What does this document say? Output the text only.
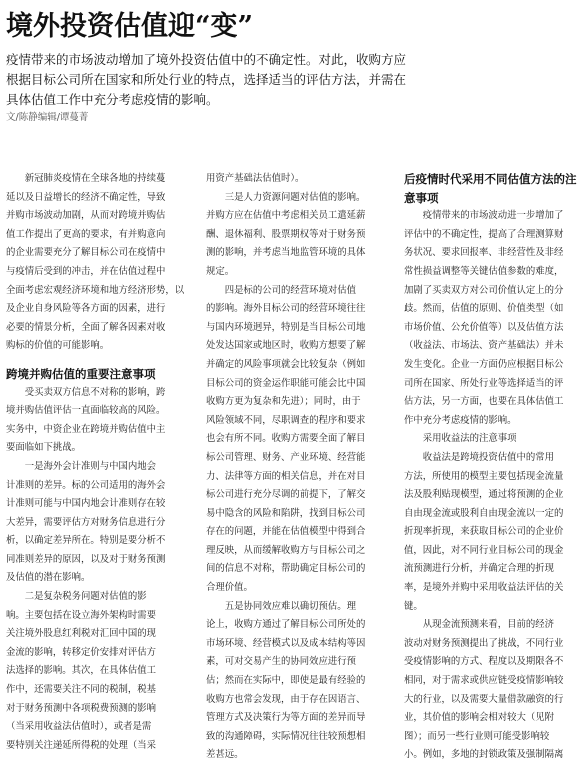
境外投资估值迎“变”
疫情带来的市场波动增加了境外投资估值中的不确定性。对此，收购方应
根据目标公司所在国家和所处行业的特点，选择适当的评估方法，并需在
具体估值工作中充分考虑疫情的影响。
文/陈静编辑/谭蔓菁
　　新冠肺炎疫情在全球各地的持续蔓
延以及日益增长的经济不确定性，导致
并购市场波动加剧，从而对跨境并购估
值工作提出了更高的要求，有并购意向
的企业需要充分了解目标公司在疫情中
与疫情后受到的冲击，并在估值过程中
全面考虑宏观经济环境和地方经济形势，以
及企业自身风险等各方面的因素，进行
必要的情景分析，全面了解各因素对收
购标的价值的可能影响。
跨境并购估值的重要注意事项
　　受买卖双方信息不对称的影响，跨
境并购估值评估一直面临较高的风险。
实务中，中资企业在跨境并购估值中主
要面临如下挑战。
　　一是海外会计准则与中国内地会
计准则的差异。标的公司适用的海外会
计准则可能与中国内地会计准则存在较
大差异，需要评估方对财务信息进行分
析，以确定差异所在。特别是要分析不
同准则差异的原因，以及对于财务预测
及估值的潜在影响。
　　二是复杂税务问题对估值的影
响。主要包括在设立海外架构时需要
关注境外股息红利税对汇回中国的现
金流的影响，转移定价安排对评估方
法选择的影响。其次，在具体估值工
作中，还需要关注不同的税制，税基
对于财务预测中各项税费预测的影响
（当采用收益法估值时），或者是需
要特别关注递延所得税的处理（当采
用资产基础法估值时）。
　　三是人力资源问题对估值的影响。
并购方应在估值中考虑相关员工遣延薪
酬、退休福利、股票期权等对于财务预
测的影响，并考虑当地监管环境的具体
规定。
　　四是标的公司的经营环境对估值
的影响。海外目标公司的经营环境往往
与国内环境迥异，特别是当目标公司地
处发达国家或地区时，收购方想要了解
并确定的风险事项就会比较复杂（例如
目标公司的资金运作职能可能会比中国
收购方更为复杂和先进）；同时，由于
风险领域不同，尽职调查的程序和要求
也会有所不同。收购方需要全面了解目
标公司管理、财务、产业环境、经营能
力、法律等方面的相关信息，并在对目
标公司进行充分尽调的前提下，了解交
易中隐含的风险和陷阱，找到目标公司
存在的问题，并能在估值模型中得到合
理反映，从而缓解收购方与目标公司之
间的信息不对称，帮助确定目标公司的
合理价值。
　　五是协同效应难以确切预估。理
论上，收购方通过了解目标公司所处的
市场环境、经营模式以及成本结构等因
素，可对交易产生的协同效应进行预
估；然而在实际中，即使是最有经验的
收购方也常会发现，由于存在因语言、
管理方式及决策行为等方面的差异而导
致的沟通障碍，实际情况往往较预想相
差甚远。
后疫情时代采用不同估值方法的注
意事项
　　疫情带来的市场波动进一步增加了
评估中的不确定性，提高了合理测算财
务状况、要求回报率、非经营性及非经
常性损益调整等关键估值参数的难度，
加剧了买卖双方对公司价值认定上的分
歧。然而，估值的原则、价值类型（如
市场价值、公允价值等）以及估值方法
（收益法、市场法、资产基础法）并未
发生变化。企业一方面仍应根据目标公
司所在国家、所处行业等选择适当的评
估方法，另一方面，也要在具体估值工
作中充分考虑疫情的影响。
　　采用收益法的注意事项
　　收益法是跨境投资估值中的常用
方法，所使用的模型主要包括现金流量
法及股利贴现模型，通过将预测的企业
自由现金流或股利自由现金流以一定的
折现率折现，来获取目标公司的企业价
值，因此，对不同行业目标公司的现金
流预测进行分析，并确定合理的折现
率，是境外并购中采用收益法评估的关
键。
　　从现金流预测来看，目前的经济
波动对财务预测提出了挑战，不同行业
受疫情影响的方式、程度以及期限各不
相同，对于需求或供应链受疫情影响较
大的行业，以及需要大量借款融资的行
业，其价值的影响会相对较大（见附
图）；而另一些行业则可能受影响较
小。例如，多地的封锁政策及强制隔离
